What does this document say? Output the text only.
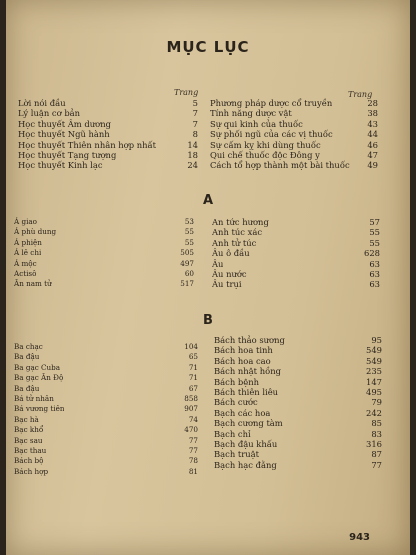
MỤC LỤC
Trang	Trang
Lời nói đầu	5
Lý luận cơ bản	7
Học thuyết Âm dương	7
Học thuyết Ngũ hành	8
Học thuyết Thiên nhân hợp nhất	14
Học thuyết Tạng tượng	18
Học thuyết Kinh lạc	24
Phương pháp dược cổ truyền	28
Tính năng dược vật	38
Sự qui kinh của thuốc	43
Sự phối ngũ của các vị thuốc	44
Sự cấm kỵ khi dùng thuốc	46
Qui chế thuốc độc Đông y	47
Cách tổ hợp thành một bài thuốc	49
A
Á giao	53
Á phù dung	55
Á phiện	55
Á lê chi	505
Á mộc	497
Actisô	60
Ấn nam tử	517
An tức hương	57
Anh túc xác	55
Anh tử túc	55
Âu ô đầu	628
Âu	63
Âu nước	63
Âu trụi	63
B
Ba chạc	104
Ba đậu	65
Ba gạc Cuba	71
Ba gạc Ấn Độ	71
Ba đậu	67
Bá tử nhân	858
Bá vương tiên	907
Bạc hà	74
Bạc khổ	470
Bạc sau	77
Bạc thau	77
Bách bộ	78
Bách hợp	81
Bách thảo sương	95
Bách hoa tinh	549
Bách hoa cao	549
Bách nhật hồng	235
Bách bệnh	147
Bách thiên liêu	495
Bách cước	79
Bạch các hoa	242
Bạch cương tàm	85
Bạch chỉ	83
Bạch đậu khấu	316
Bạch truật	87
Bạch hạc đằng	77
943
